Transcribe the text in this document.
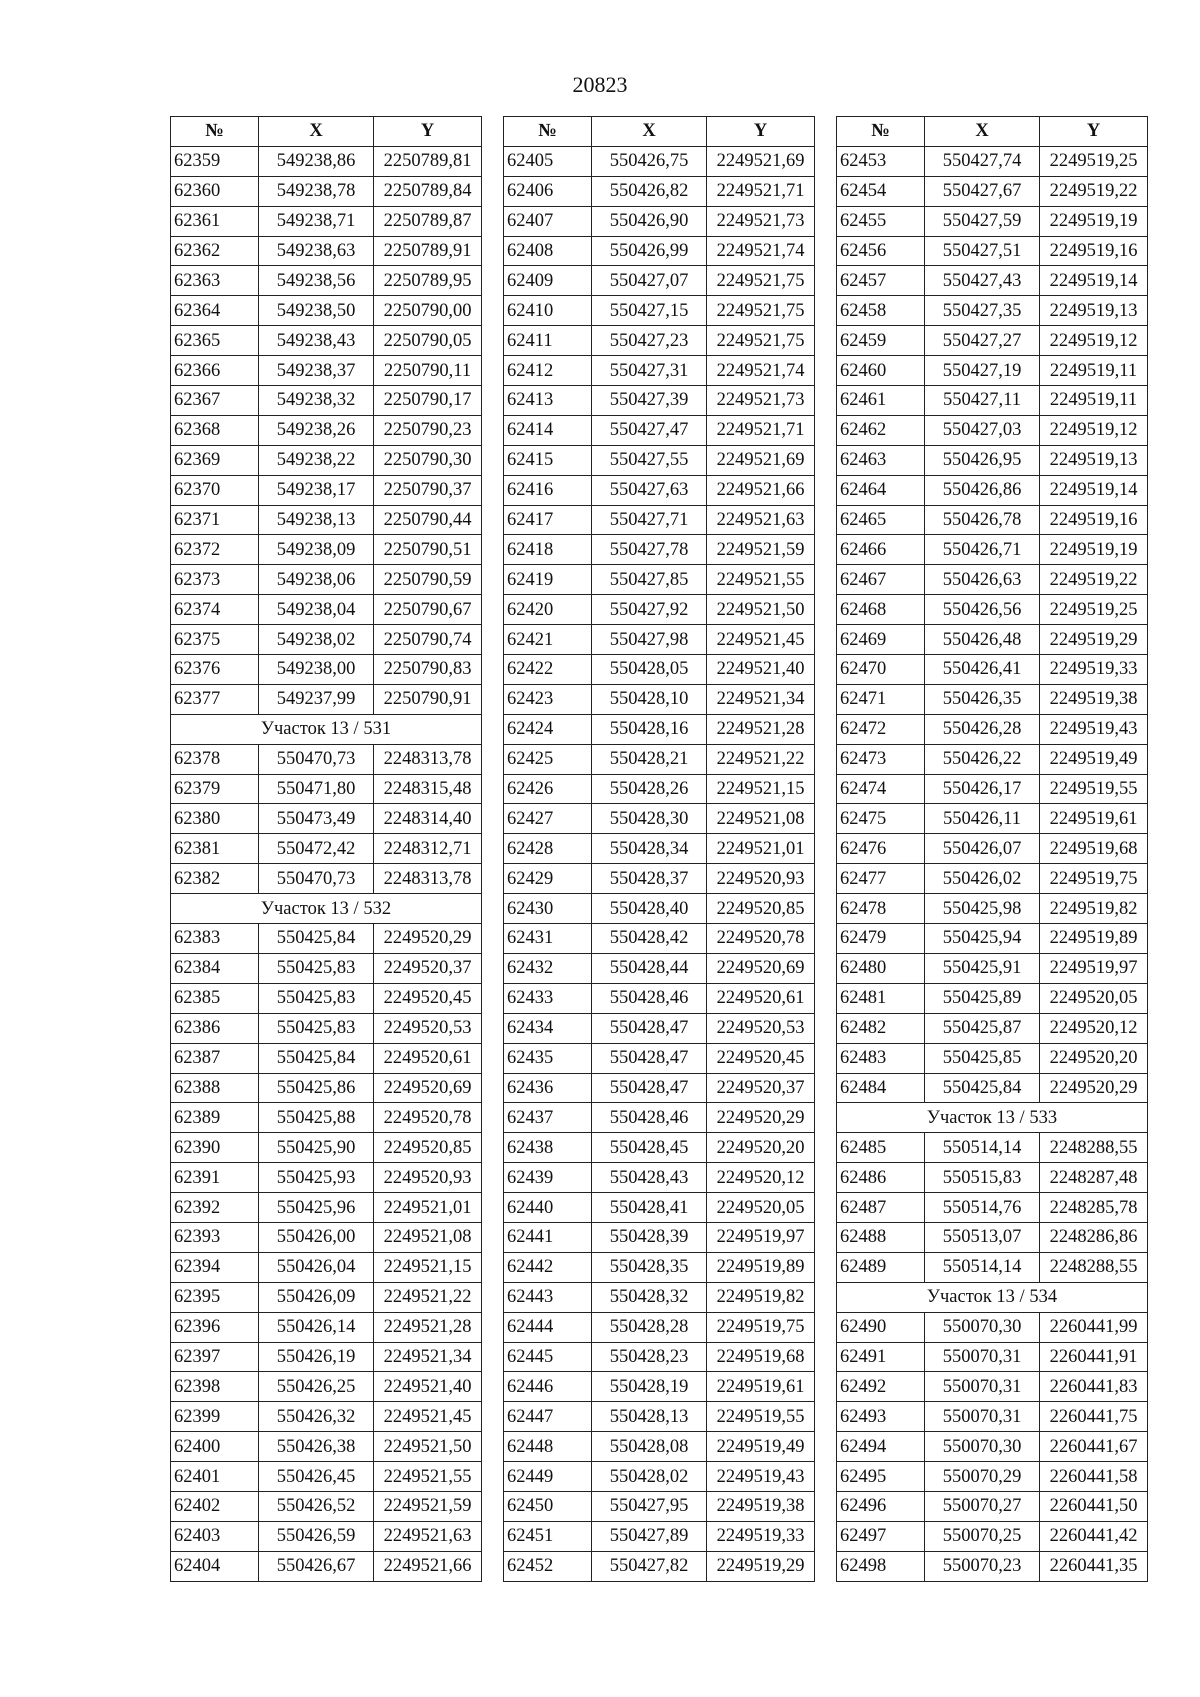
20823
№	X	Y
62359	549238,86	2250789,81
62360	549238,78	2250789,84
62361	549238,71	2250789,87
62362	549238,63	2250789,91
62363	549238,56	2250789,95
62364	549238,50	2250790,00
62365	549238,43	2250790,05
62366	549238,37	2250790,11
62367	549238,32	2250790,17
62368	549238,26	2250790,23
62369	549238,22	2250790,30
62370	549238,17	2250790,37
62371	549238,13	2250790,44
62372	549238,09	2250790,51
62373	549238,06	2250790,59
62374	549238,04	2250790,67
62375	549238,02	2250790,74
62376	549238,00	2250790,83
62377	549237,99	2250790,91
Участок 13 / 531		
62378	550470,73	2248313,78
62379	550471,80	2248315,48
62380	550473,49	2248314,40
62381	550472,42	2248312,71
62382	550470,73	2248313,78
Участок 13 / 532		
62383	550425,84	2249520,29
62384	550425,83	2249520,37
62385	550425,83	2249520,45
62386	550425,83	2249520,53
62387	550425,84	2249520,61
62388	550425,86	2249520,69
62389	550425,88	2249520,78
62390	550425,90	2249520,85
62391	550425,93	2249520,93
62392	550425,96	2249521,01
62393	550426,00	2249521,08
62394	550426,04	2249521,15
62395	550426,09	2249521,22
62396	550426,14	2249521,28
62397	550426,19	2249521,34
62398	550426,25	2249521,40
62399	550426,32	2249521,45
62400	550426,38	2249521,50
62401	550426,45	2249521,55
62402	550426,52	2249521,59
62403	550426,59	2249521,63
62404	550426,67	2249521,66
№	X	Y
62405	550426,75	2249521,69
62406	550426,82	2249521,71
62407	550426,90	2249521,73
62408	550426,99	2249521,74
62409	550427,07	2249521,75
62410	550427,15	2249521,75
62411	550427,23	2249521,75
62412	550427,31	2249521,74
62413	550427,39	2249521,73
62414	550427,47	2249521,71
62415	550427,55	2249521,69
62416	550427,63	2249521,66
62417	550427,71	2249521,63
62418	550427,78	2249521,59
62419	550427,85	2249521,55
62420	550427,92	2249521,50
62421	550427,98	2249521,45
62422	550428,05	2249521,40
62423	550428,10	2249521,34
62424	550428,16	2249521,28
62425	550428,21	2249521,22
62426	550428,26	2249521,15
62427	550428,30	2249521,08
62428	550428,34	2249521,01
62429	550428,37	2249520,93
62430	550428,40	2249520,85
62431	550428,42	2249520,78
62432	550428,44	2249520,69
62433	550428,46	2249520,61
62434	550428,47	2249520,53
62435	550428,47	2249520,45
62436	550428,47	2249520,37
62437	550428,46	2249520,29
62438	550428,45	2249520,20
62439	550428,43	2249520,12
62440	550428,41	2249520,05
62441	550428,39	2249519,97
62442	550428,35	2249519,89
62443	550428,32	2249519,82
62444	550428,28	2249519,75
62445	550428,23	2249519,68
62446	550428,19	2249519,61
62447	550428,13	2249519,55
62448	550428,08	2249519,49
62449	550428,02	2249519,43
62450	550427,95	2249519,38
62451	550427,89	2249519,33
62452	550427,82	2249519,29
№	X	Y
62453	550427,74	2249519,25
62454	550427,67	2249519,22
62455	550427,59	2249519,19
62456	550427,51	2249519,16
62457	550427,43	2249519,14
62458	550427,35	2249519,13
62459	550427,27	2249519,12
62460	550427,19	2249519,11
62461	550427,11	2249519,11
62462	550427,03	2249519,12
62463	550426,95	2249519,13
62464	550426,86	2249519,14
62465	550426,78	2249519,16
62466	550426,71	2249519,19
62467	550426,63	2249519,22
62468	550426,56	2249519,25
62469	550426,48	2249519,29
62470	550426,41	2249519,33
62471	550426,35	2249519,38
62472	550426,28	2249519,43
62473	550426,22	2249519,49
62474	550426,17	2249519,55
62475	550426,11	2249519,61
62476	550426,07	2249519,68
62477	550426,02	2249519,75
62478	550425,98	2249519,82
62479	550425,94	2249519,89
62480	550425,91	2249519,97
62481	550425,89	2249520,05
62482	550425,87	2249520,12
62483	550425,85	2249520,20
62484	550425,84	2249520,29
Участок 13 / 533		
62485	550514,14	2248288,55
62486	550515,83	2248287,48
62487	550514,76	2248285,78
62488	550513,07	2248286,86
62489	550514,14	2248288,55
Участок 13 / 534		
62490	550070,30	2260441,99
62491	550070,31	2260441,91
62492	550070,31	2260441,83
62493	550070,31	2260441,75
62494	550070,30	2260441,67
62495	550070,29	2260441,58
62496	550070,27	2260441,50
62497	550070,25	2260441,42
62498	550070,23	2260441,35
